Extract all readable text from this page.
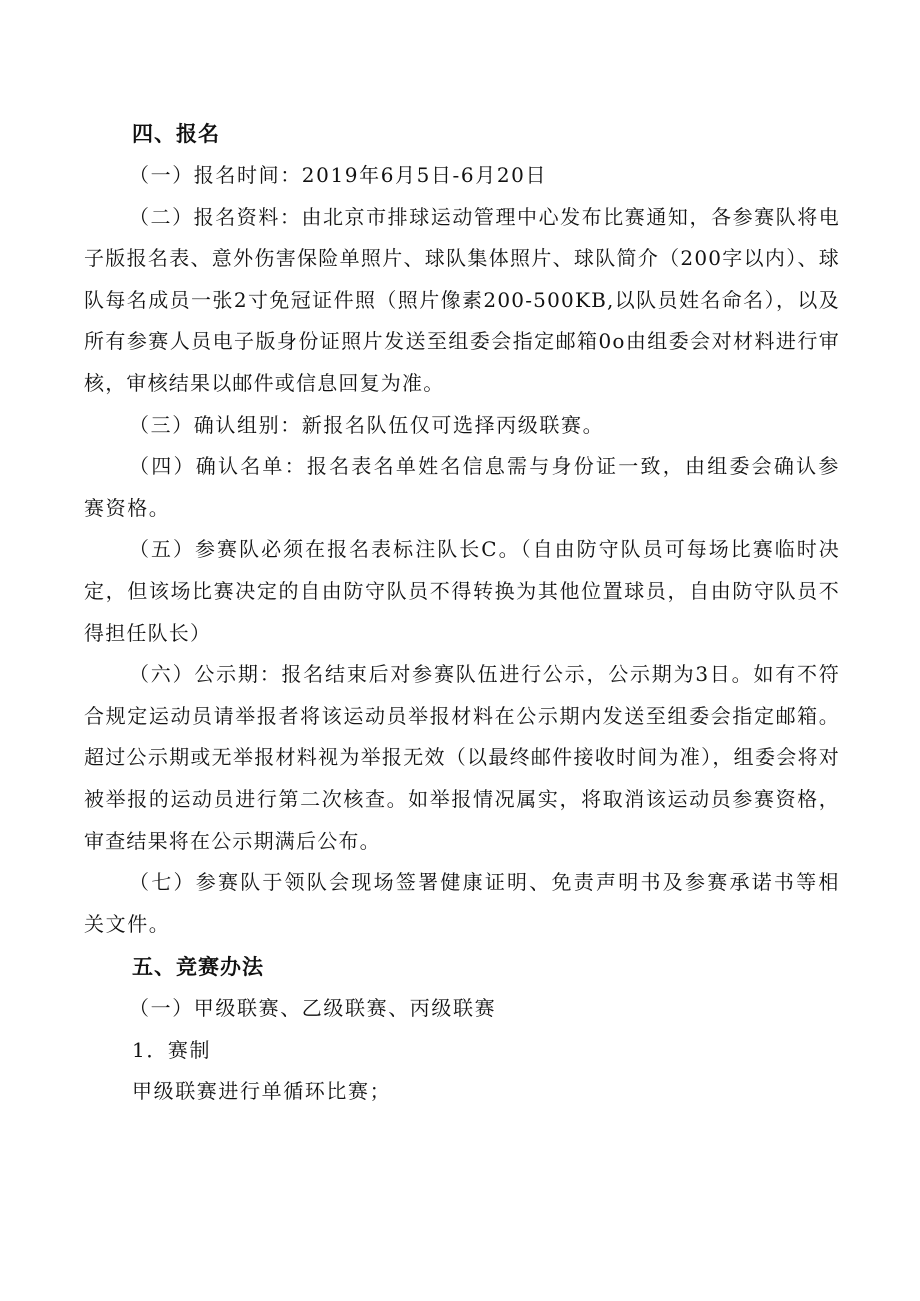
四、报名

（一）报名时间：2019年6月5日-6月20日

（二）报名资料：由北京市排球运动管理中心发布比赛通知，各参赛队将电子版报名表、意外伤害保险单照片、球队集体照片、球队简介（200字以内）、球队每名成员一张2寸免冠证件照（照片像素200-500KB,以队员姓名命名），以及所有参赛人员电子版身份证照片发送至组委会指定邮箱0o由组委会对材料进行审核，审核结果以邮件或信息回复为准。

（三）确认组别：新报名队伍仅可选择丙级联赛。

（四）确认名单：报名表名单姓名信息需与身份证一致，由组委会确认参赛资格。

（五）参赛队必须在报名表标注队长C。（自由防守队员可每场比赛临时决定，但该场比赛决定的自由防守队员不得转换为其他位置球员，自由防守队员不得担任队长）

（六）公示期：报名结束后对参赛队伍进行公示，公示期为3日。如有不符合规定运动员请举报者将该运动员举报材料在公示期内发送至组委会指定邮箱。超过公示期或无举报材料视为举报无效（以最终邮件接收时间为准），组委会将对被举报的运动员进行第二次核查。如举报情况属实，将取消该运动员参赛资格，审查结果将在公示期满后公布。

（七）参赛队于领队会现场签署健康证明、免责声明书及参赛承诺书等相关文件。

五、竞赛办法

（一）甲级联赛、乙级联赛、丙级联赛

1．赛制

甲级联赛进行单循环比赛；
